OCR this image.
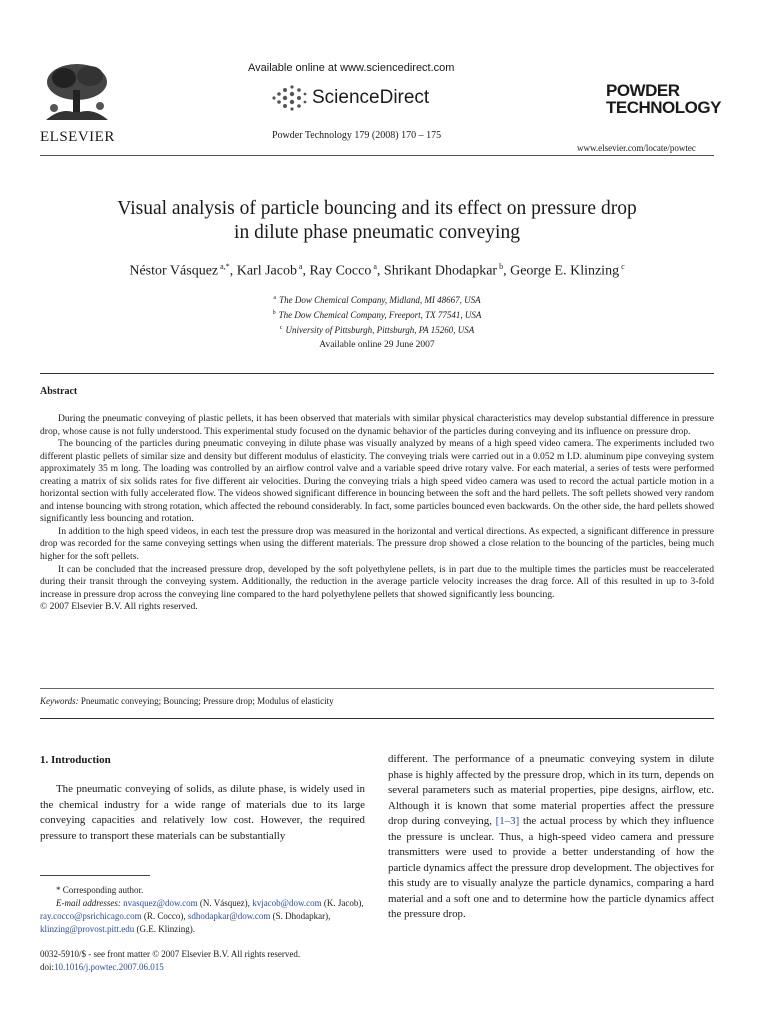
ELSEVIER
Available online at www.sciencedirect.com
ScienceDirect
Powder Technology 179 (2008) 170 – 175
POWDER
TECHNOLOGY
www.elsevier.com/locate/powtec
Visual analysis of particle bouncing and its effect on pressure drop
in dilute phase pneumatic conveying
Néstor Vásquez $^{a,*}$, Karl Jacob $^a$, Ray Cocco $^a$, Shrikant Dhodapkar $^b$, George E. Klinzing $^c$
$^a$ The Dow Chemical Company, Midland, MI 48667, USA
$^b$ The Dow Chemical Company, Freeport, TX 77541, USA
$^c$ University of Pittsburgh, Pittsburgh, PA 15260, USA
Available online 29 June 2007
Abstract

During the pneumatic conveying of plastic pellets, it has been observed that materials with similar physical characteristics may develop substantial difference in pressure drop, whose cause is not fully understood. This experimental study focused on the dynamic behavior of the particles during conveying and its influence on pressure drop.

The bouncing of the particles during pneumatic conveying in dilute phase was visually analyzed by means of a high speed video camera. The experiments included two different plastic pellets of similar size and density but different modulus of elasticity. The conveying trials were carried out in a 0.052 m I.D. aluminum pipe conveying system approximately 35 m long. The loading was controlled by an airflow control valve and a variable speed drive rotary valve. For each material, a series of tests were performed creating a matrix of six solids rates for five different air velocities. During the conveying trials a high speed video camera was used to record the actual particle motion in a horizontal section with fully accelerated flow. The videos showed significant difference in bouncing between the soft and the hard pellets. The soft pellets showed very random and intense bouncing with strong rotation, which affected the rebound considerably. In fact, some particles bounced even backwards. On the other side, the hard pellets showed significantly less bouncing and rotation.

In addition to the high speed videos, in each test the pressure drop was measured in the horizontal and vertical directions. As expected, a significant difference in pressure drop was recorded for the same conveying settings when using the different materials. The pressure drop showed a close relation to the bouncing of the particles, being much higher for the soft pellets.

It can be concluded that the increased pressure drop, developed by the soft polyethylene pellets, is in part due to the multiple times the particles must be reaccelerated during their transit through the conveying system. Additionally, the reduction in the average particle velocity increases the drag force. All of this resulted in up to 3-fold increase in pressure drop across the conveying line compared to the hard polyethylene pellets that showed significantly less bouncing.

© 2007 Elsevier B.V. All rights reserved.

Keywords: Pneumatic conveying; Bouncing; Pressure drop; Modulus of elasticity
1. Introduction

The pneumatic conveying of solids, as dilute phase, is widely used in the chemical industry for a wide range of materials due to its large conveying capacities and relatively low cost. However, the required pressure to transport these materials can be substantially

different. The performance of a pneumatic conveying system in dilute phase is highly affected by the pressure drop, which in its turn, depends on several parameters such as material properties, pipe designs, airflow, etc. Although it is known that some material properties affect the pressure drop during conveying, [1–3] the actual process by which they influence the pressure is unclear. Thus, a high-speed video camera and pressure transmitters were used to provide a better understanding of how the particle dynamics affect the pressure drop development. The objectives for this study are to visually analyze the particle dynamics, comparing a hard material and a soft one and to determine how the particle dynamics affect the pressure drop.

* Corresponding author.
E-mail addresses: nvasquez@dow.com (N. Vásquez), kvjacob@dow.com (K. Jacob), ray.cocco@psrichicago.com (R. Cocco), sdhodapkar@dow.com (S. Dhodapkar), klinzing@provost.pitt.edu (G.E. Klinzing).
0032-5910/$ - see front matter © 2007 Elsevier B.V. All rights reserved.
doi:10.1016/j.powtec.2007.06.015
